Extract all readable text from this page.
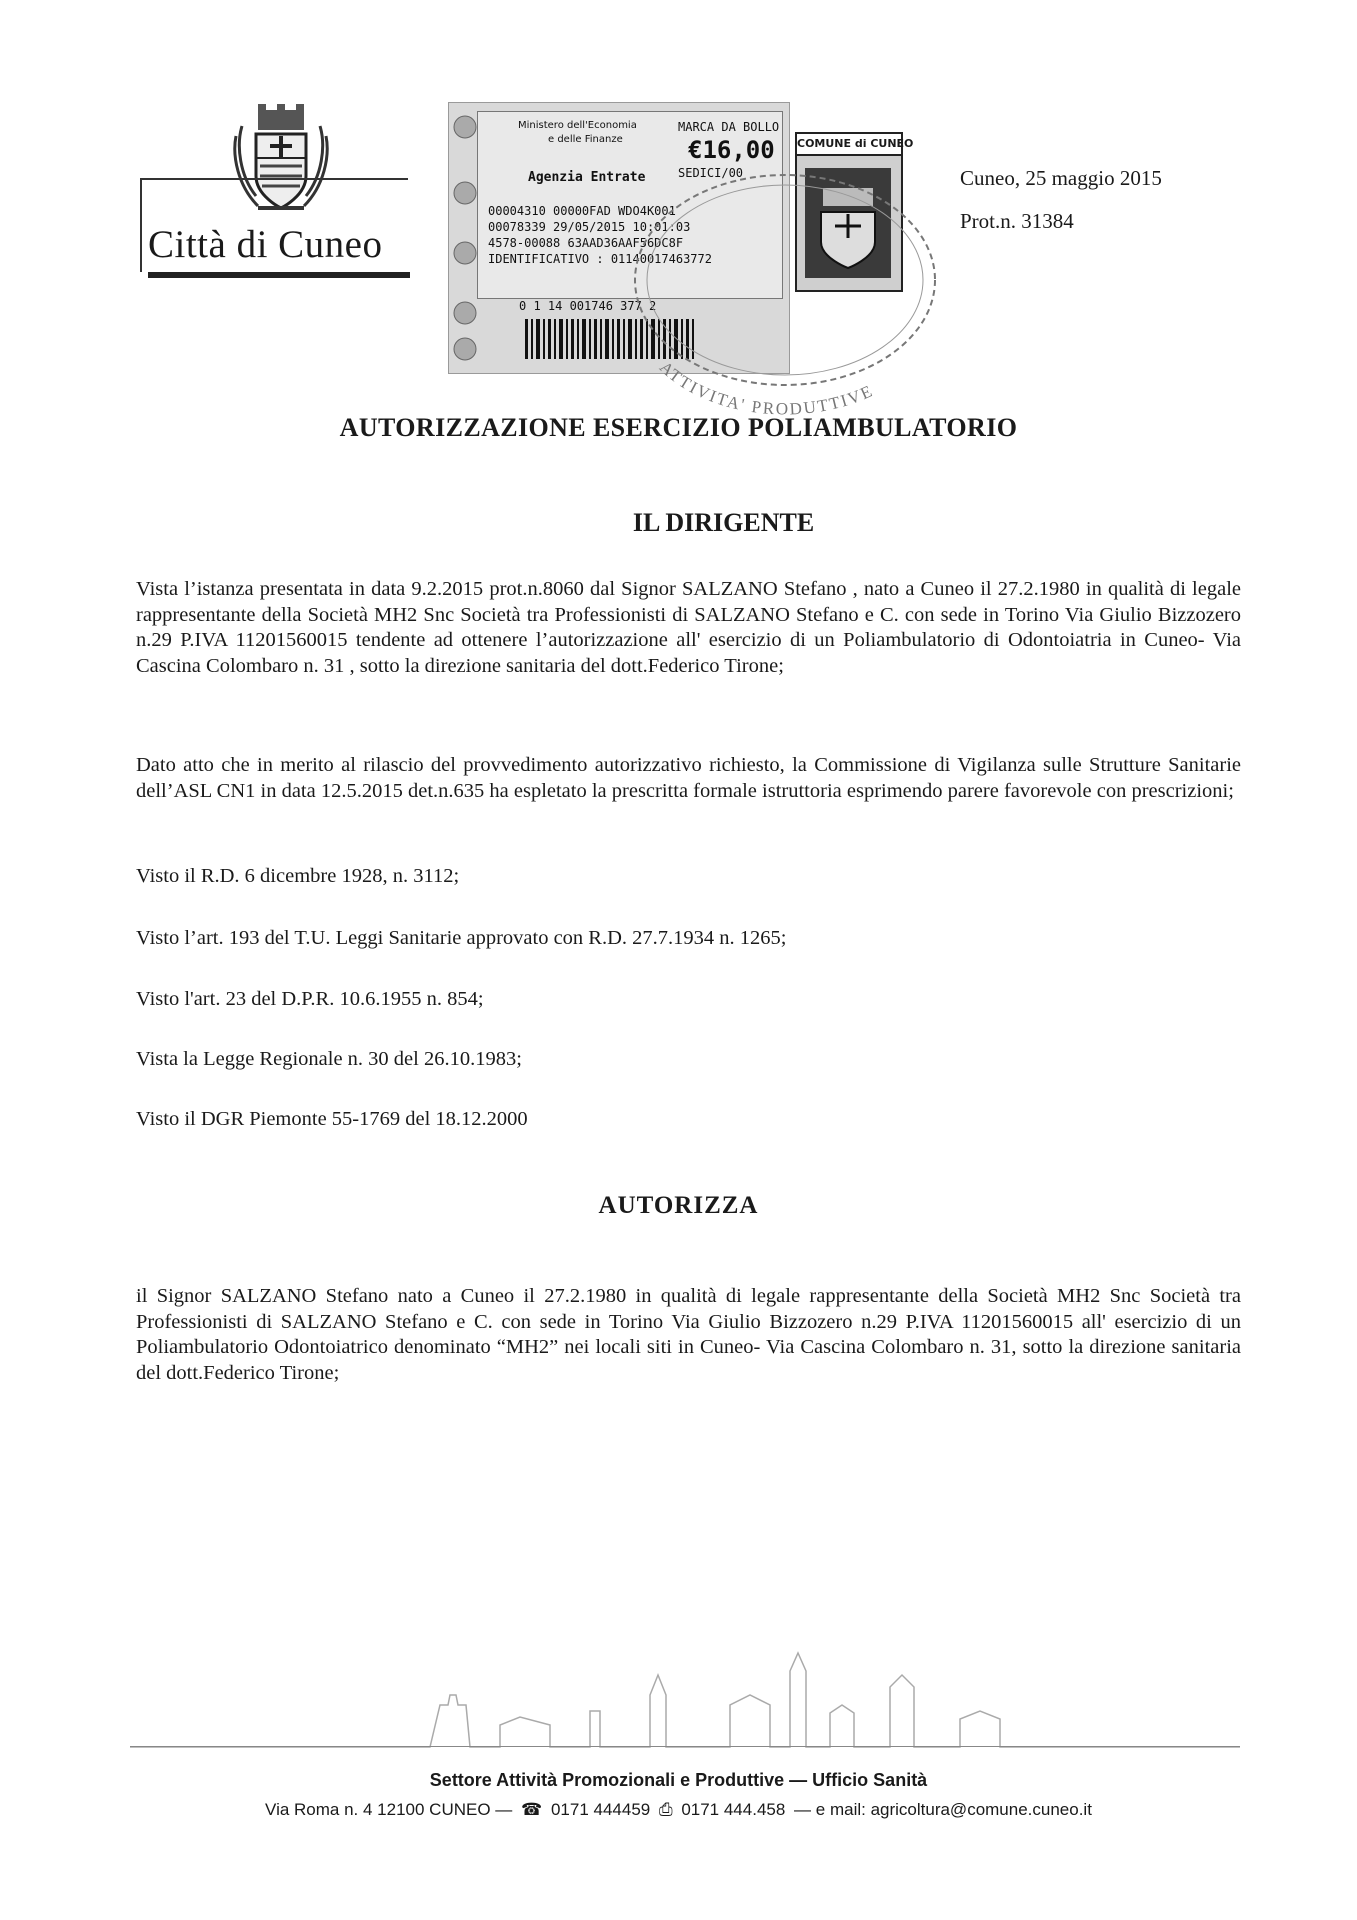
Città di Cuneo
Ministero dell'Economia
e delle Finanze
MARCA DA BOLLO
€16,00
SEDICI/00
Agenzia Entrate
00004310 00000FAD WDO4K001
00078339 29/05/2015 10:01:03
4578-00088 63AAD36AAF56DC8F
IDENTIFICATIVO : 01140017463772
0 1 14 001746 377 2
COMUNE di CUNEO
ATTIVITA' PRODUTTIVE
Cuneo, 25 maggio 2015
Prot.n. 31384
AUTORIZZAZIONE ESERCIZIO POLIAMBULATORIO
IL DIRIGENTE
Vista l’istanza presentata in data 9.2.2015 prot.n.8060 dal Signor SALZANO Stefano , nato a Cuneo il 27.2.1980 in qualità di legale rappresentante della Società MH2 Snc Società tra Professionisti di SALZANO Stefano e C. con sede in Torino Via Giulio Bizzozero n.29 P.IVA 11201560015 tendente ad ottenere l’autorizzazione all' esercizio di un Poliambulatorio di Odontoiatria in Cuneo- Via Cascina Colombaro n. 31 , sotto la direzione sanitaria del dott.Federico Tirone;
Dato atto che in merito al rilascio del provvedimento autorizzativo richiesto, la Commissione di Vigilanza sulle Strutture Sanitarie dell’ASL CN1 in data 12.5.2015 det.n.635 ha espletato la prescritta formale istruttoria esprimendo parere favorevole con prescrizioni;
Visto il R.D. 6 dicembre 1928, n. 3112;
Visto l’art. 193 del T.U. Leggi Sanitarie approvato con R.D. 27.7.1934 n. 1265;
Visto l'art. 23 del D.P.R. 10.6.1955 n. 854;
Vista la Legge Regionale n. 30 del 26.10.1983;
Visto il DGR Piemonte 55-1769 del 18.12.2000
AUTORIZZA
il Signor SALZANO Stefano nato a Cuneo il 27.2.1980 in qualità di legale rappresentante della Società MH2 Snc Società tra Professionisti di SALZANO Stefano e C. con sede in Torino Via Giulio Bizzozero n.29 P.IVA 11201560015 all' esercizio di un Poliambulatorio Odontoiatrico denominato “MH2” nei locali siti in Cuneo- Via Cascina Colombaro n. 31, sotto la direzione sanitaria del dott.Federico Tirone;
Settore Attività Promozionali e Produttive — Ufficio Sanità
Via Roma n. 4 12100 CUNEO — ☎ 0171 444459 ⎙ 0171 444.458 — e mail: agricoltura@comune.cuneo.it
